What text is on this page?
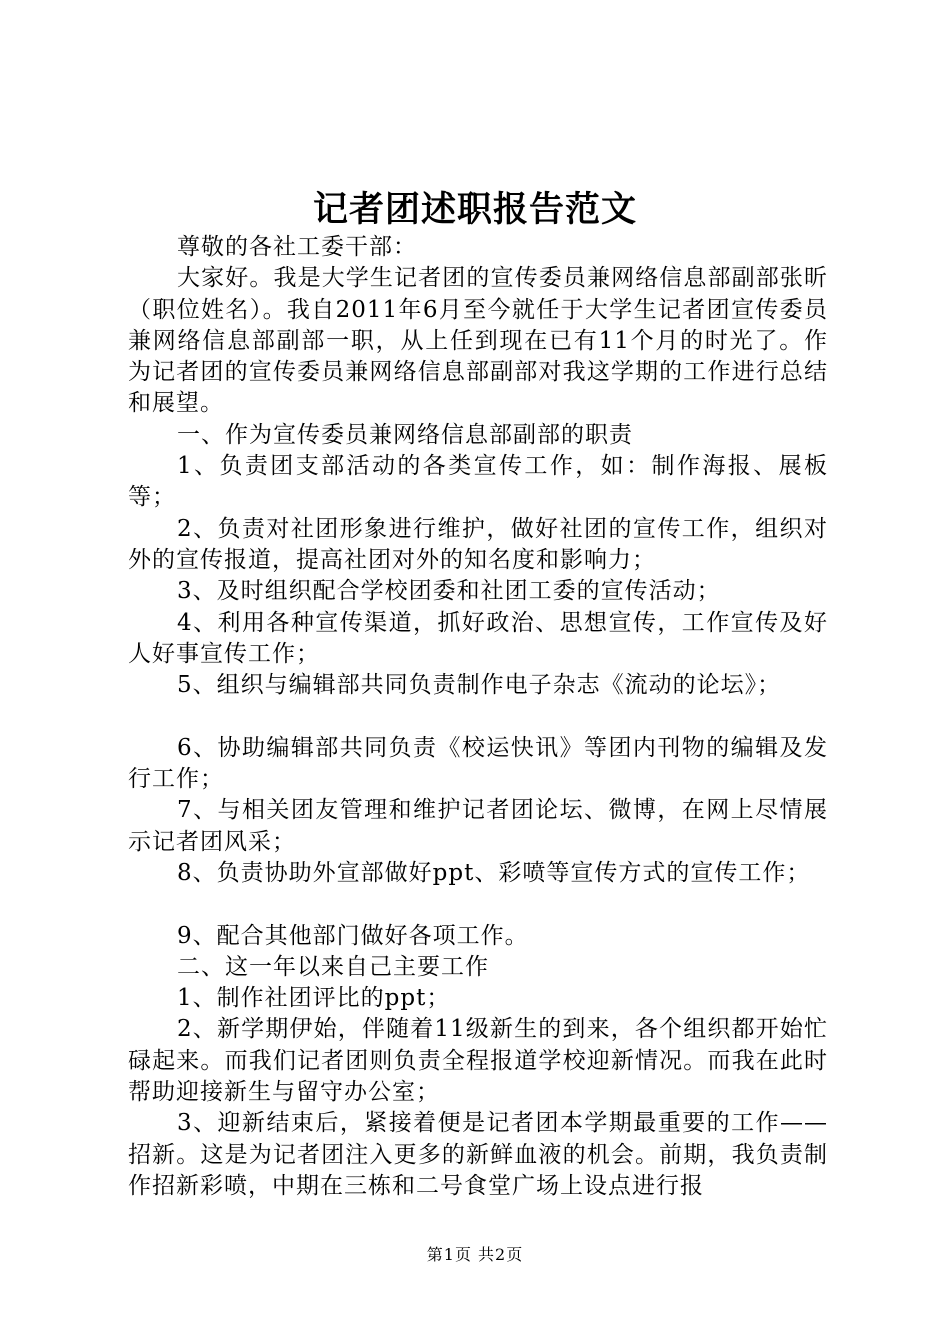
记者团述职报告范文

尊敬的各社工委干部：

大家好。我是大学生记者团的宣传委员兼网络信息部副部张昕（职位姓名）。我自2011年6月至今就任于大学生记者团宣传委员兼网络信息部副部一职，从上任到现在已有11个月的时光了。作为记者团的宣传委员兼网络信息部副部对我这学期的工作进行总结和展望。

一、作为宣传委员兼网络信息部副部的职责

1、负责团支部活动的各类宣传工作，如：制作海报、展板等；

2、负责对社团形象进行维护，做好社团的宣传工作，组织对外的宣传报道，提高社团对外的知名度和影响力；

3、及时组织配合学校团委和社团工委的宣传活动；

4、利用各种宣传渠道，抓好政治、思想宣传，工作宣传及好人好事宣传工作；

5、组织与编辑部共同负责制作电子杂志《流动的论坛》；

6、协助编辑部共同负责《校运快讯》等团内刊物的编辑及发行工作；

7、与相关团友管理和维护记者团论坛、微博，在网上尽情展示记者团风采；

8、负责协助外宣部做好ppt、彩喷等宣传方式的宣传工作；

9、配合其他部门做好各项工作。

二、这一年以来自己主要工作

1、制作社团评比的ppt；

2、新学期伊始，伴随着11级新生的到来，各个组织都开始忙碌起来。而我们记者团则负责全程报道学校迎新情况。而我在此时帮助迎接新生与留守办公室；

3、迎新结束后，紧接着便是记者团本学期最重要的工作——招新。这是为记者团注入更多的新鲜血液的机会。前期，我负责制作招新彩喷，中期在三栋和二号食堂广场上设点进行报

第1页 共2页
